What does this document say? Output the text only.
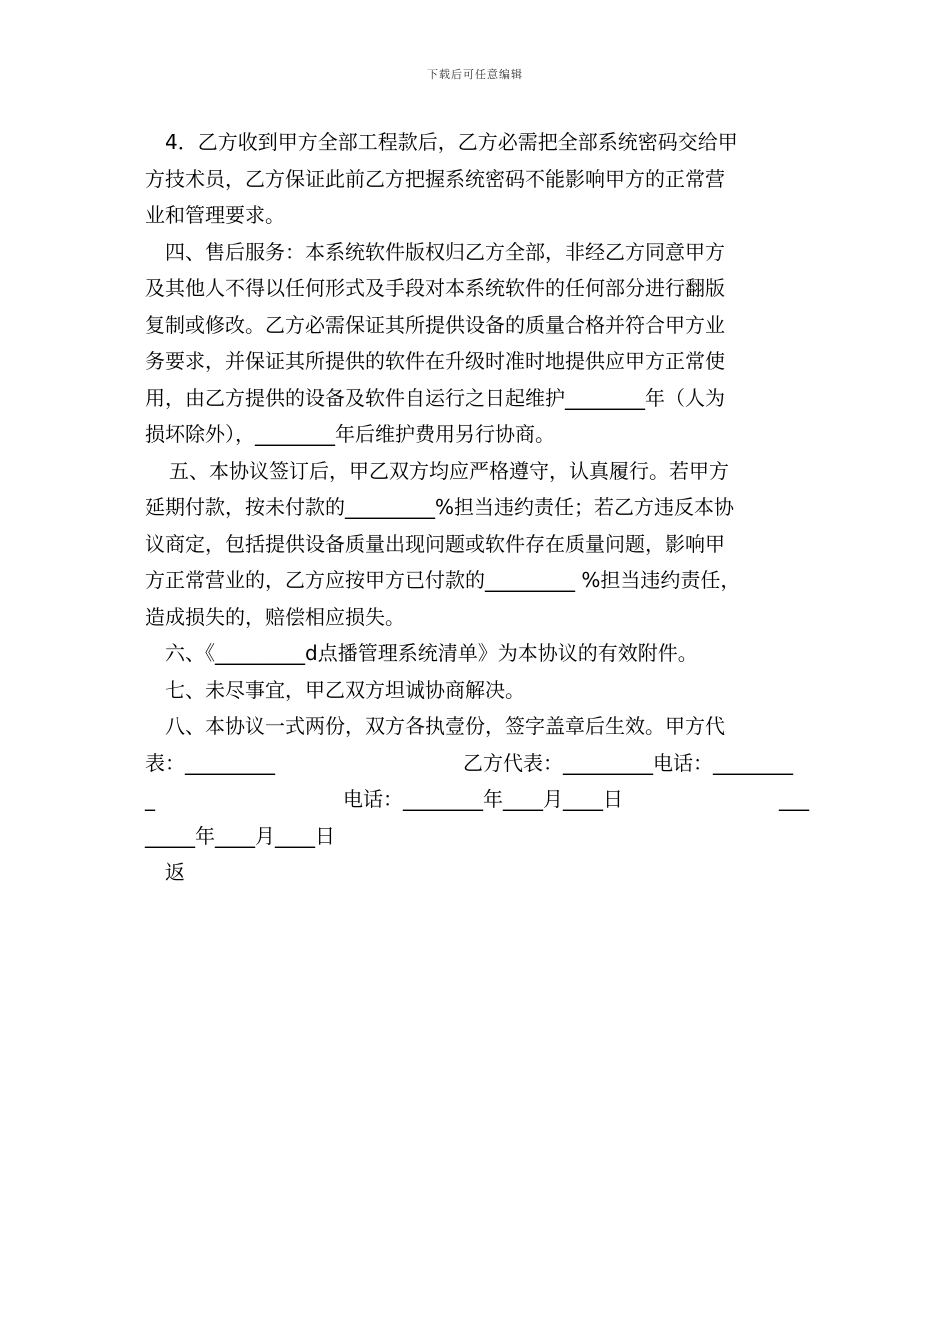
下载后可任意编辑
4．乙方收到甲方全部工程款后，乙方必需把全部系统密码交给甲
方技术员，乙方保证此前乙方把握系统密码不能影响甲方的正常营
业和管理要求。
四、售后服务：本系统软件版权归乙方全部，非经乙方同意甲方
及其他人不得以任何形式及手段对本系统软件的任何部分进行翻版
复制或修改。乙方必需保证其所提供设备的质量合格并符合甲方业
务要求，并保证其所提供的软件在升级时准时地提供应甲方正常使
用，由乙方提供的设备及软件自运行之日起维护________年（人为
损坏除外），________年后维护费用另行协商。
五、本协议签订后，甲乙双方均应严格遵守，认真履行。若甲方
延期付款，按未付款的_________%担当违约责任；若乙方违反本协
议商定，包括提供设备质量出现问题或软件存在质量问题，影响甲
方正常营业的，乙方应按甲方已付款的_________ %担当违约责任，
造成损失的，赔偿相应损失。
六、《_________d点播管理系统清单》为本协议的有效附件。
七、未尽事宜，甲乙双方坦诚协商解决。
八、本协议一式两份，双方各执壹份，签字盖章后生效。甲方代
表：_________	乙方代表：_________电话：________
_	电话：________年____月____日	___
_____年____月____日
返
